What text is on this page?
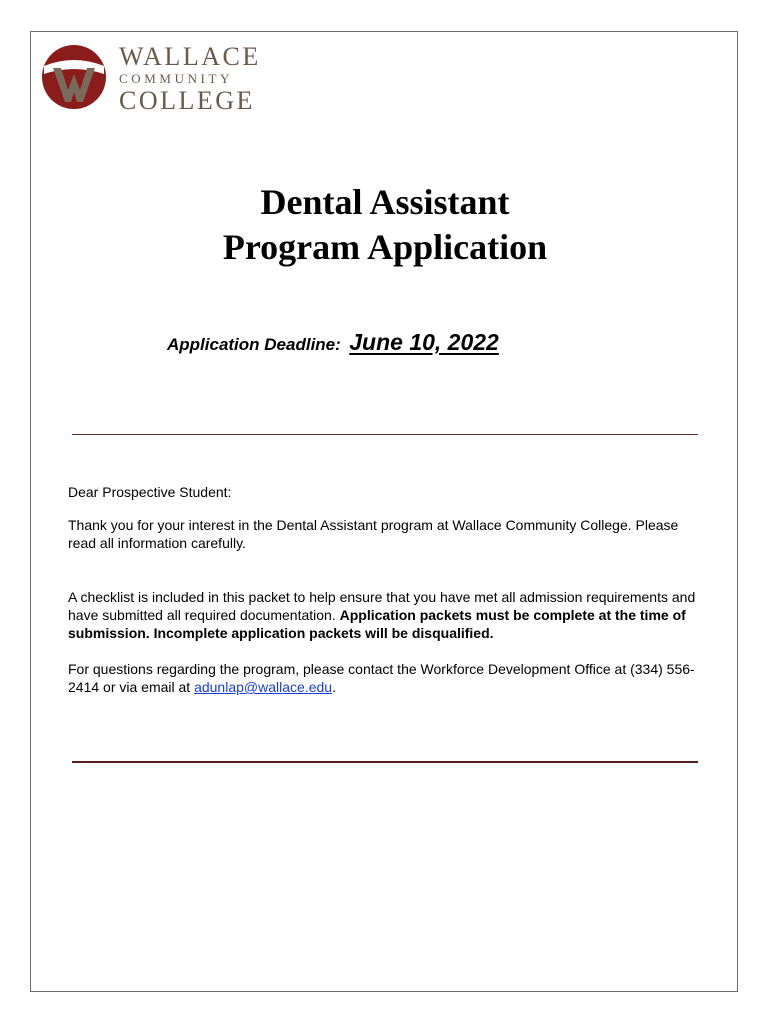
WALLACE
COMMUNITY
COLLEGE
Dental Assistant
Program Application
Application Deadline: June 10, 2022
Dear Prospective Student:
Thank you for your interest in the Dental Assistant program at Wallace Community College. Please read all information carefully.
A checklist is included in this packet to help ensure that you have met all admission requirements and have submitted all required documentation. Application packets must be complete at the time of submission. Incomplete application packets will be disqualified.
For questions regarding the program, please contact the Workforce Development Office at (334) 556-2414 or via email at adunlap@wallace.edu.
